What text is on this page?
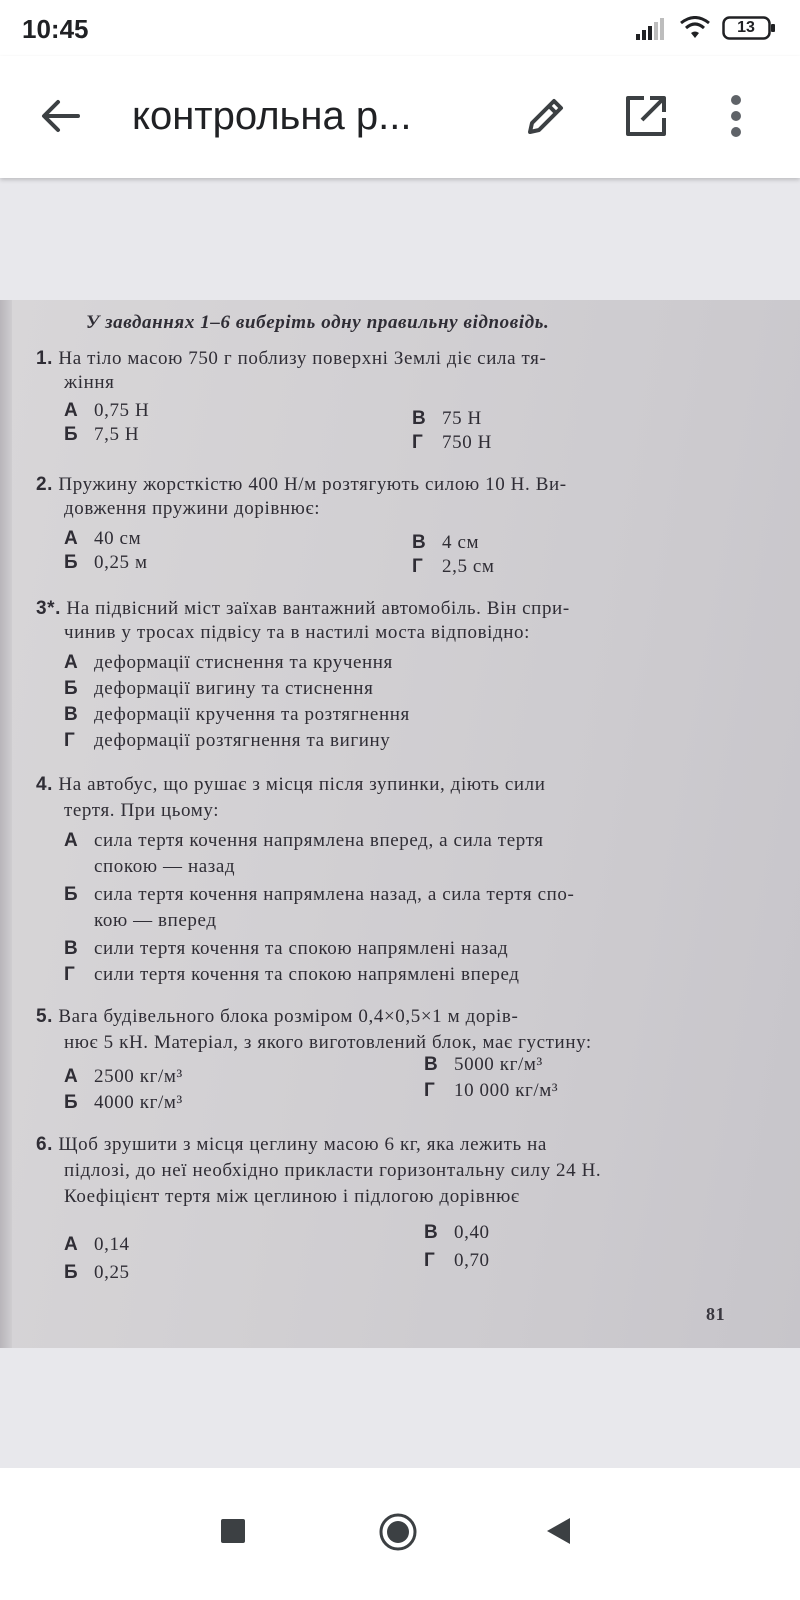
10:45	13
контрольна р...
У завданнях 1–6 виберіть одну правильну відповідь.
1. На тіло масою 750 г поблизу поверхні Землі діє сила тя-
жіння
А 0,75 Н
Б 7,5 Н
В 75 Н
Г 750 Н
2. Пружину жорсткістю 400 Н/м розтягують силою 10 Н. Ви-
довження пружини дорівнює:
А 40 см
Б 0,25 м
В 4 см
Г 2,5 см
3*. На підвісний міст заїхав вантажний автомобіль. Він спри-
чинив у тросах підвісу та в настилі моста відповідно:
А деформації стиснення та кручення
Б деформації вигину та стиснення
В деформації кручення та розтягнення
Г деформації розтягнення та вигину
4. На автобус, що рушає з місця після зупинки, діють сили
тертя. При цьому:
А сила тертя кочення напрямлена вперед, а сила тертя
спокою — назад
Б сила тертя кочення напрямлена назад, а сила тертя спо-
кою — вперед
В сили тертя кочення та спокою напрямлені назад
Г сили тертя кочення та спокою напрямлені вперед
5. Вага будівельного блока розміром 0,4×0,5×1 м дорів-
нює 5 кН. Матеріал, з якого виготовлений блок, має густину:
А 2500 кг/м³
Б 4000 кг/м³
В 5000 кг/м³
Г 10 000 кг/м³
6. Щоб зрушити з місця цеглину масою 6 кг, яка лежить на
підлозі, до неї необхідно прикласти горизонтальну силу 24 Н.
Коефіцієнт тертя між цеглиною і підлогою дорівнює
А 0,14
Б 0,25
В 0,40
Г 0,70
81
